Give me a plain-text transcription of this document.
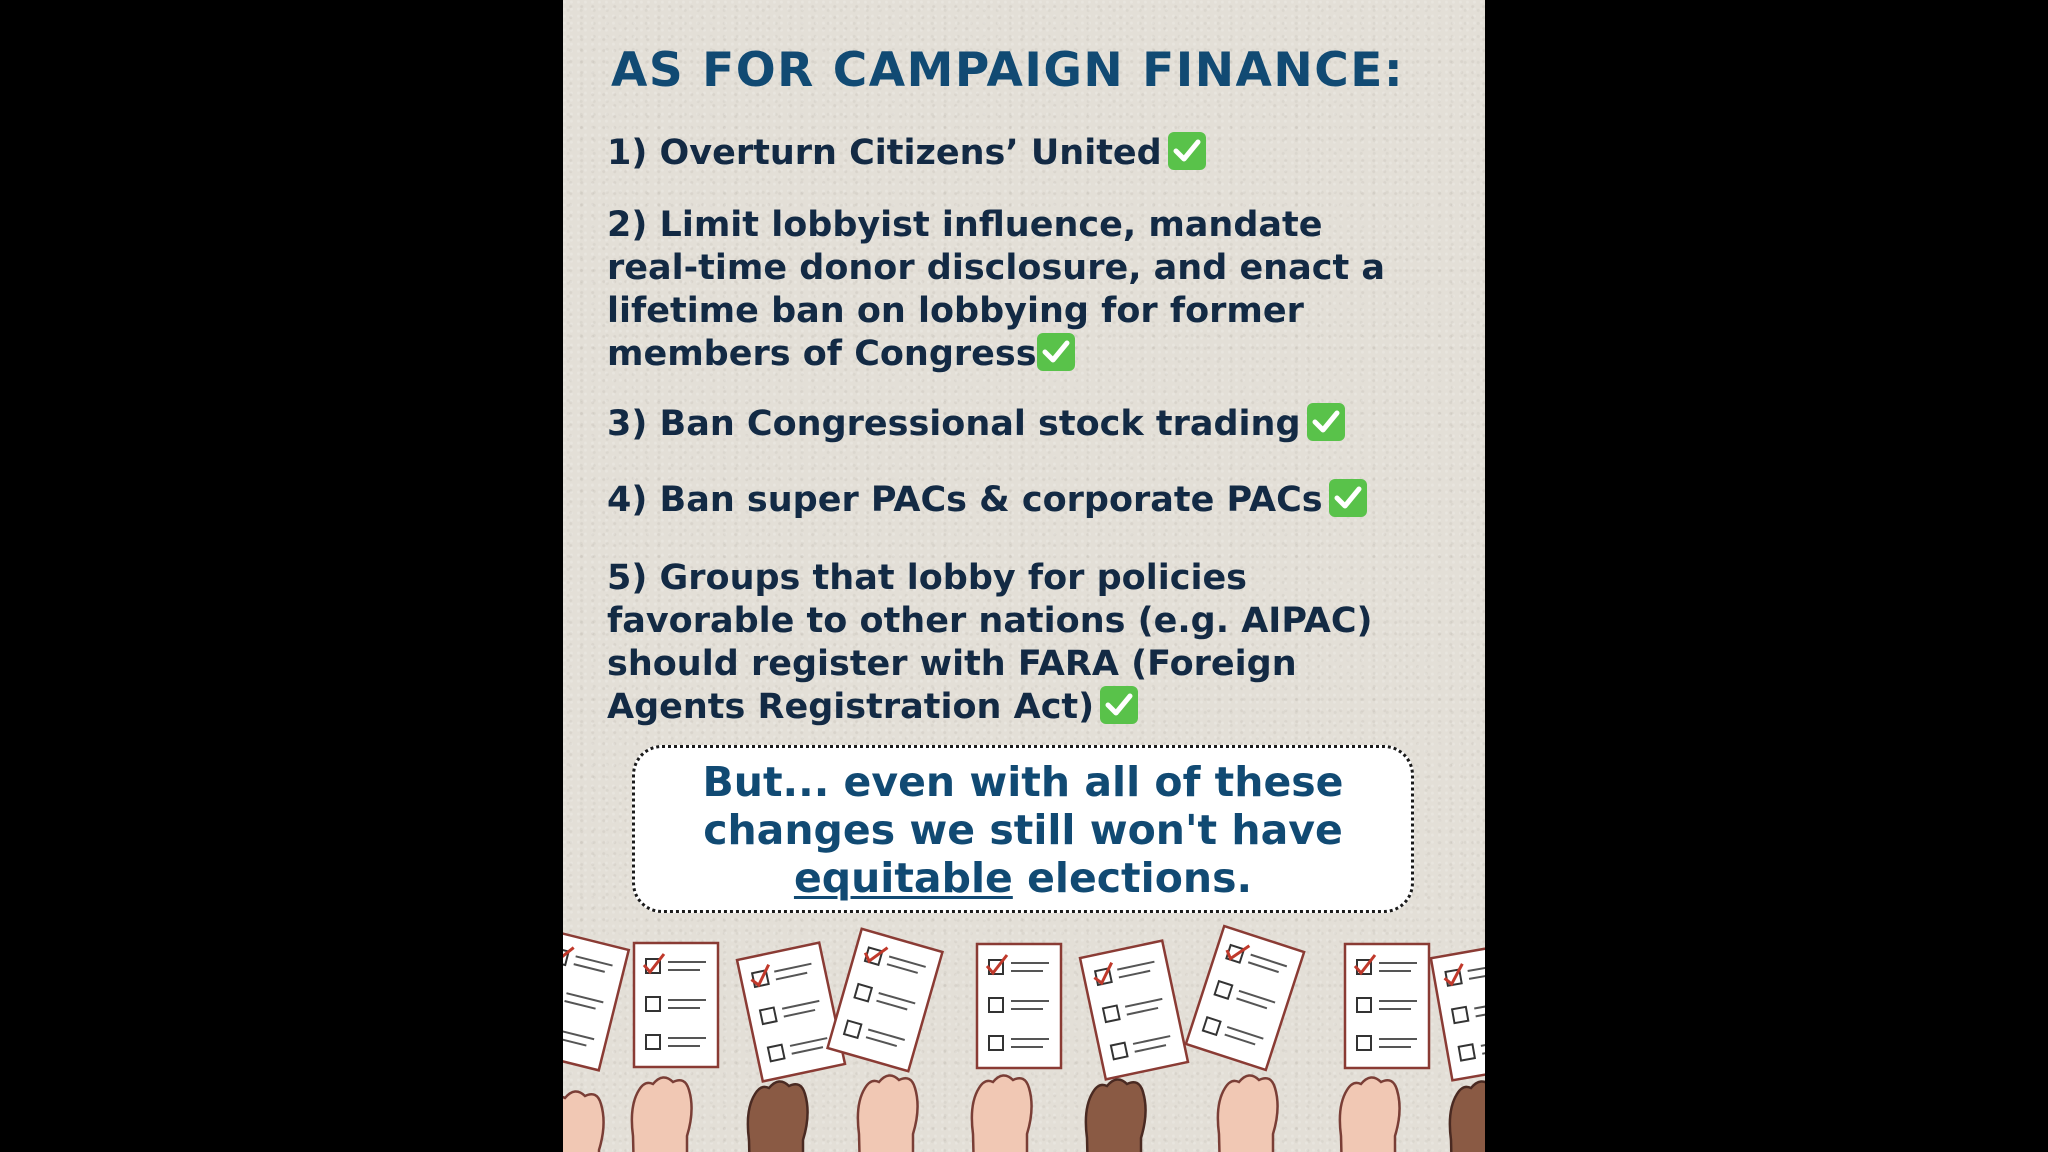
AS FOR CAMPAIGN FINANCE:
1) Overturn Citizens’ United
2) Limit lobbyist influence, mandate
real-time donor disclosure, and enact a
lifetime ban on lobbying for former
members of Congress
3) Ban Congressional stock trading
4) Ban super PACs & corporate PACs
5) Groups that lobby for policies
favorable to other nations (e.g. AIPAC)
should register with FARA (Foreign
Agents Registration Act)
But... even with all of these
changes we still won't have
equitable elections.
